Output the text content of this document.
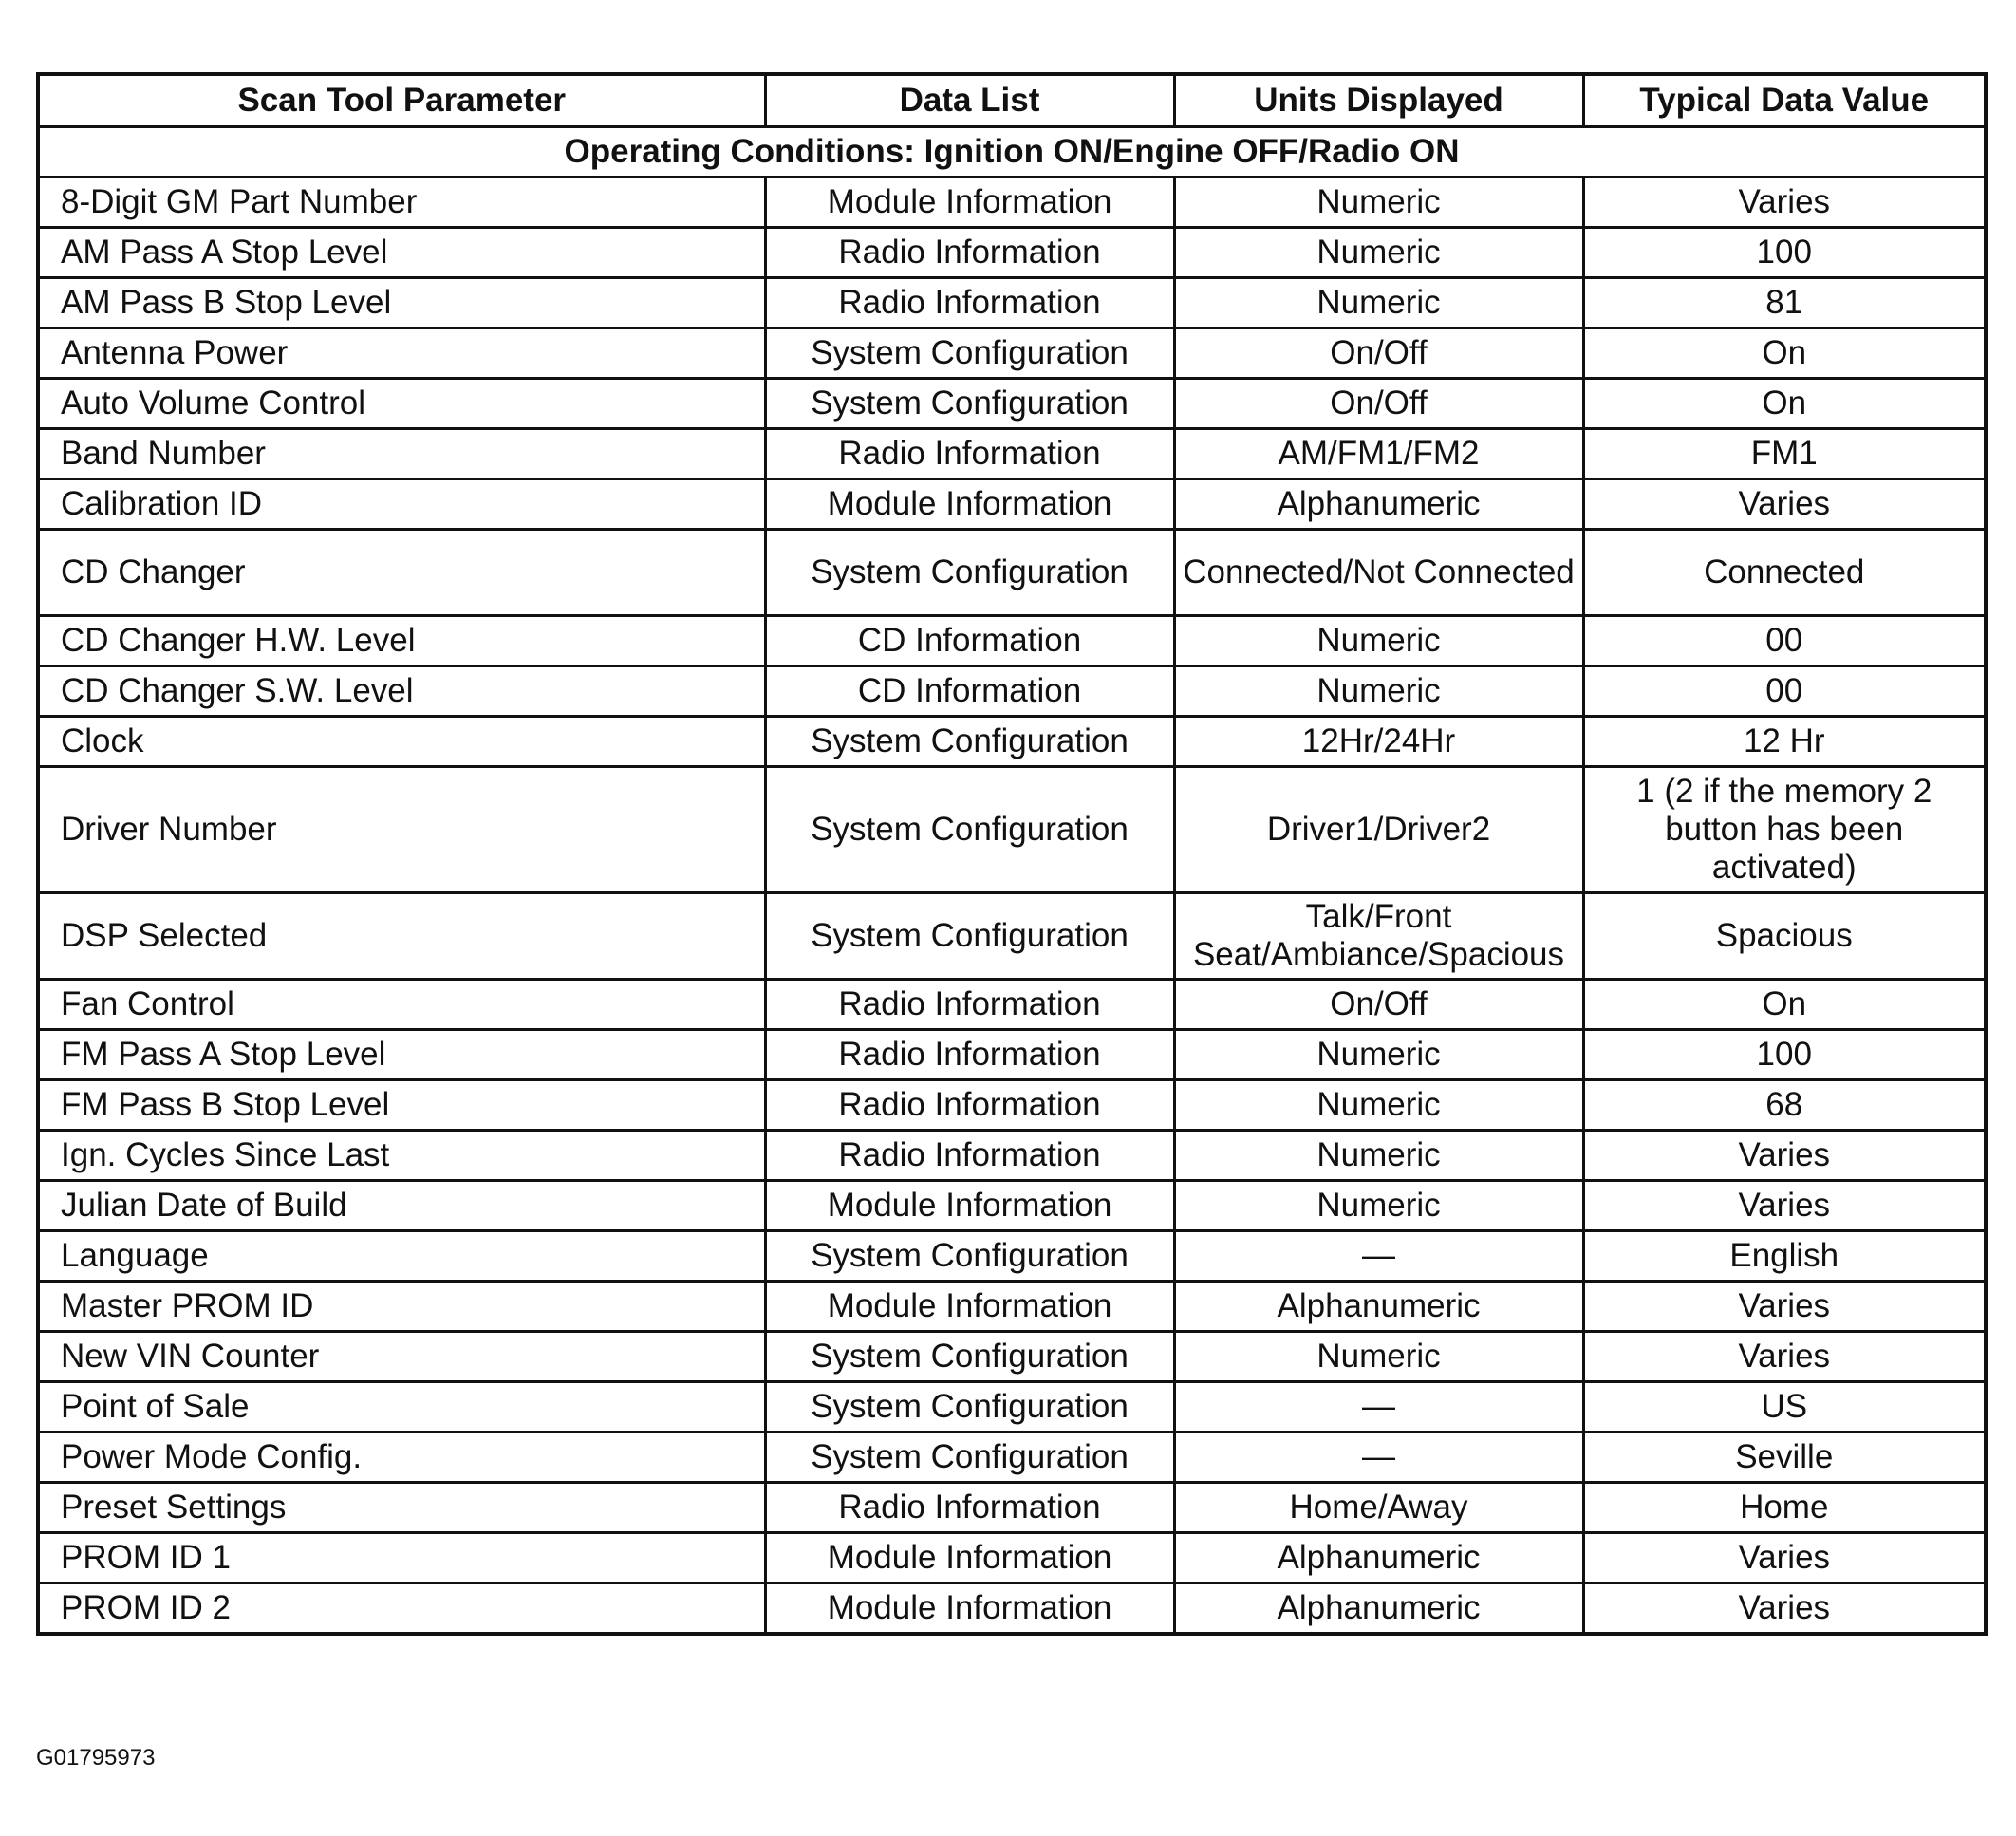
Scan Tool Parameter	Data List	Units Displayed	Typical Data Value
Operating Conditions: Ignition ON/Engine OFF/Radio ON			
8-Digit GM Part Number	Module Information	Numeric	Varies
AM Pass A Stop Level	Radio Information	Numeric	100
AM Pass B Stop Level	Radio Information	Numeric	81
Antenna Power	System Configuration	On/Off	On
Auto Volume Control	System Configuration	On/Off	On
Band Number	Radio Information	AM/FM1/FM2	FM1
Calibration ID	Module Information	Alphanumeric	Varies
CD Changer	System Configuration	Connected/Not Connected	Connected
CD Changer H.W. Level	CD Information	Numeric	00
CD Changer S.W. Level	CD Information	Numeric	00
Clock	System Configuration	12Hr/24Hr	12 Hr
Driver Number	System Configuration	Driver1/Driver2	1 (2 if the memory 2 button has been activated)
DSP Selected	System Configuration	Talk/Front Seat/Ambiance/Spacious	Spacious
Fan Control	Radio Information	On/Off	On
FM Pass A Stop Level	Radio Information	Numeric	100
FM Pass B Stop Level	Radio Information	Numeric	68
Ign. Cycles Since Last	Radio Information	Numeric	Varies
Julian Date of Build	Module Information	Numeric	Varies
Language	System Configuration	—	English
Master PROM ID	Module Information	Alphanumeric	Varies
New VIN Counter	System Configuration	Numeric	Varies
Point of Sale	System Configuration	—	US
Power Mode Config.	System Configuration	—	Seville
Preset Settings	Radio Information	Home/Away	Home
PROM ID 1	Module Information	Alphanumeric	Varies
PROM ID 2	Module Information	Alphanumeric	Varies
G01795973
